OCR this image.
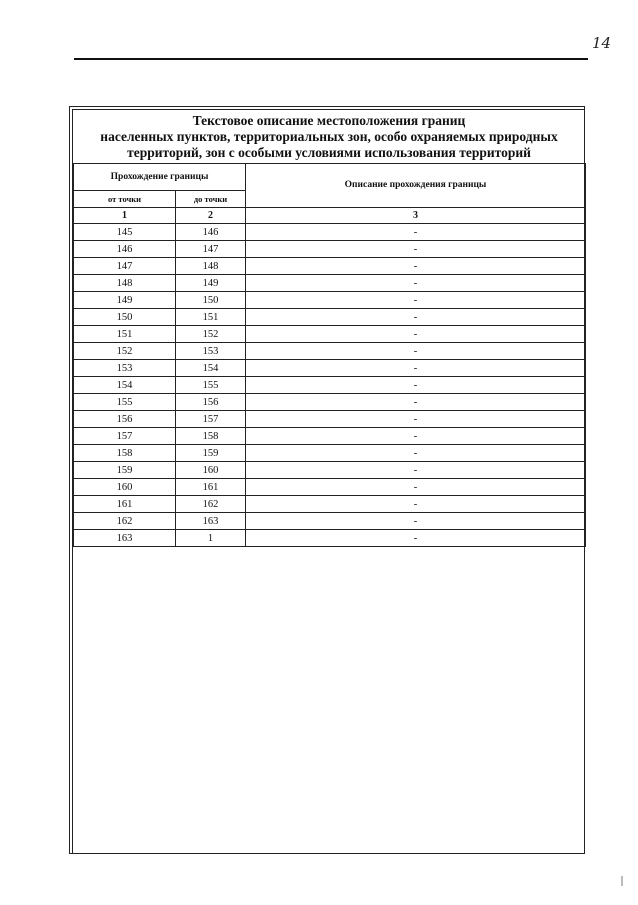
14
Текстовое описание местоположения границ
населенных пунктов, территориальных зон, особо охраняемых природных
территорий, зон с особыми условиями использования территорий
Прохождение границы		Описание прохождения границы
от точки	до точки	
1	2	3
145	146	-
146	147	-
147	148	-
148	149	-
149	150	-
150	151	-
151	152	-
152	153	-
153	154	-
154	155	-
155	156	-
156	157	-
157	158	-
158	159	-
159	160	-
160	161	-
161	162	-
162	163	-
163	1	-
